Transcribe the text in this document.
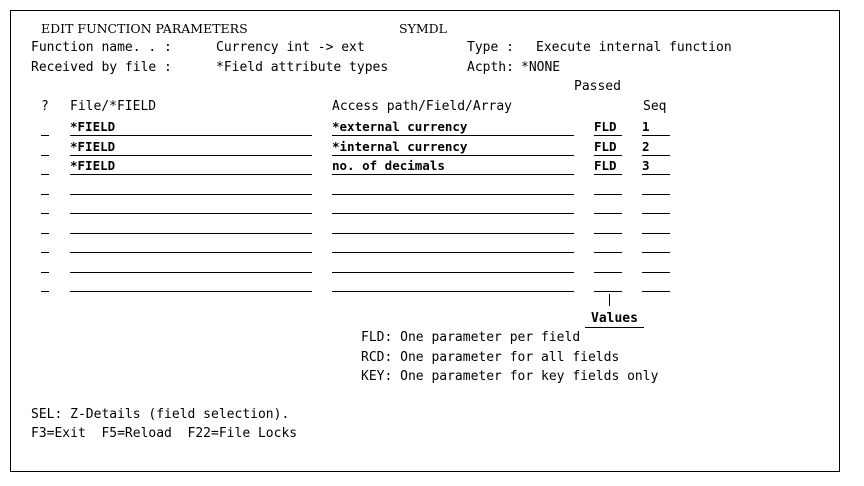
EDIT FUNCTION PARAMETERS	SYMDL
Function name. . :	Currency int -> ext	Type : Execute internal function
Received by file :	*Field attribute types	Acpth: *NONE
Passed
? File/*FIELD	Access path/Field/Array	Seq
*FIELD	*external currency	FLD	1
*FIELD	*internal currency	FLD	2
*FIELD	no. of decimals	FLD	3
Values
FLD: One parameter per field
RCD: One parameter for all fields
KEY: One parameter for key fields only
SEL: Z-Details (field selection).
F3=Exit  F5=Reload  F22=File Locks
